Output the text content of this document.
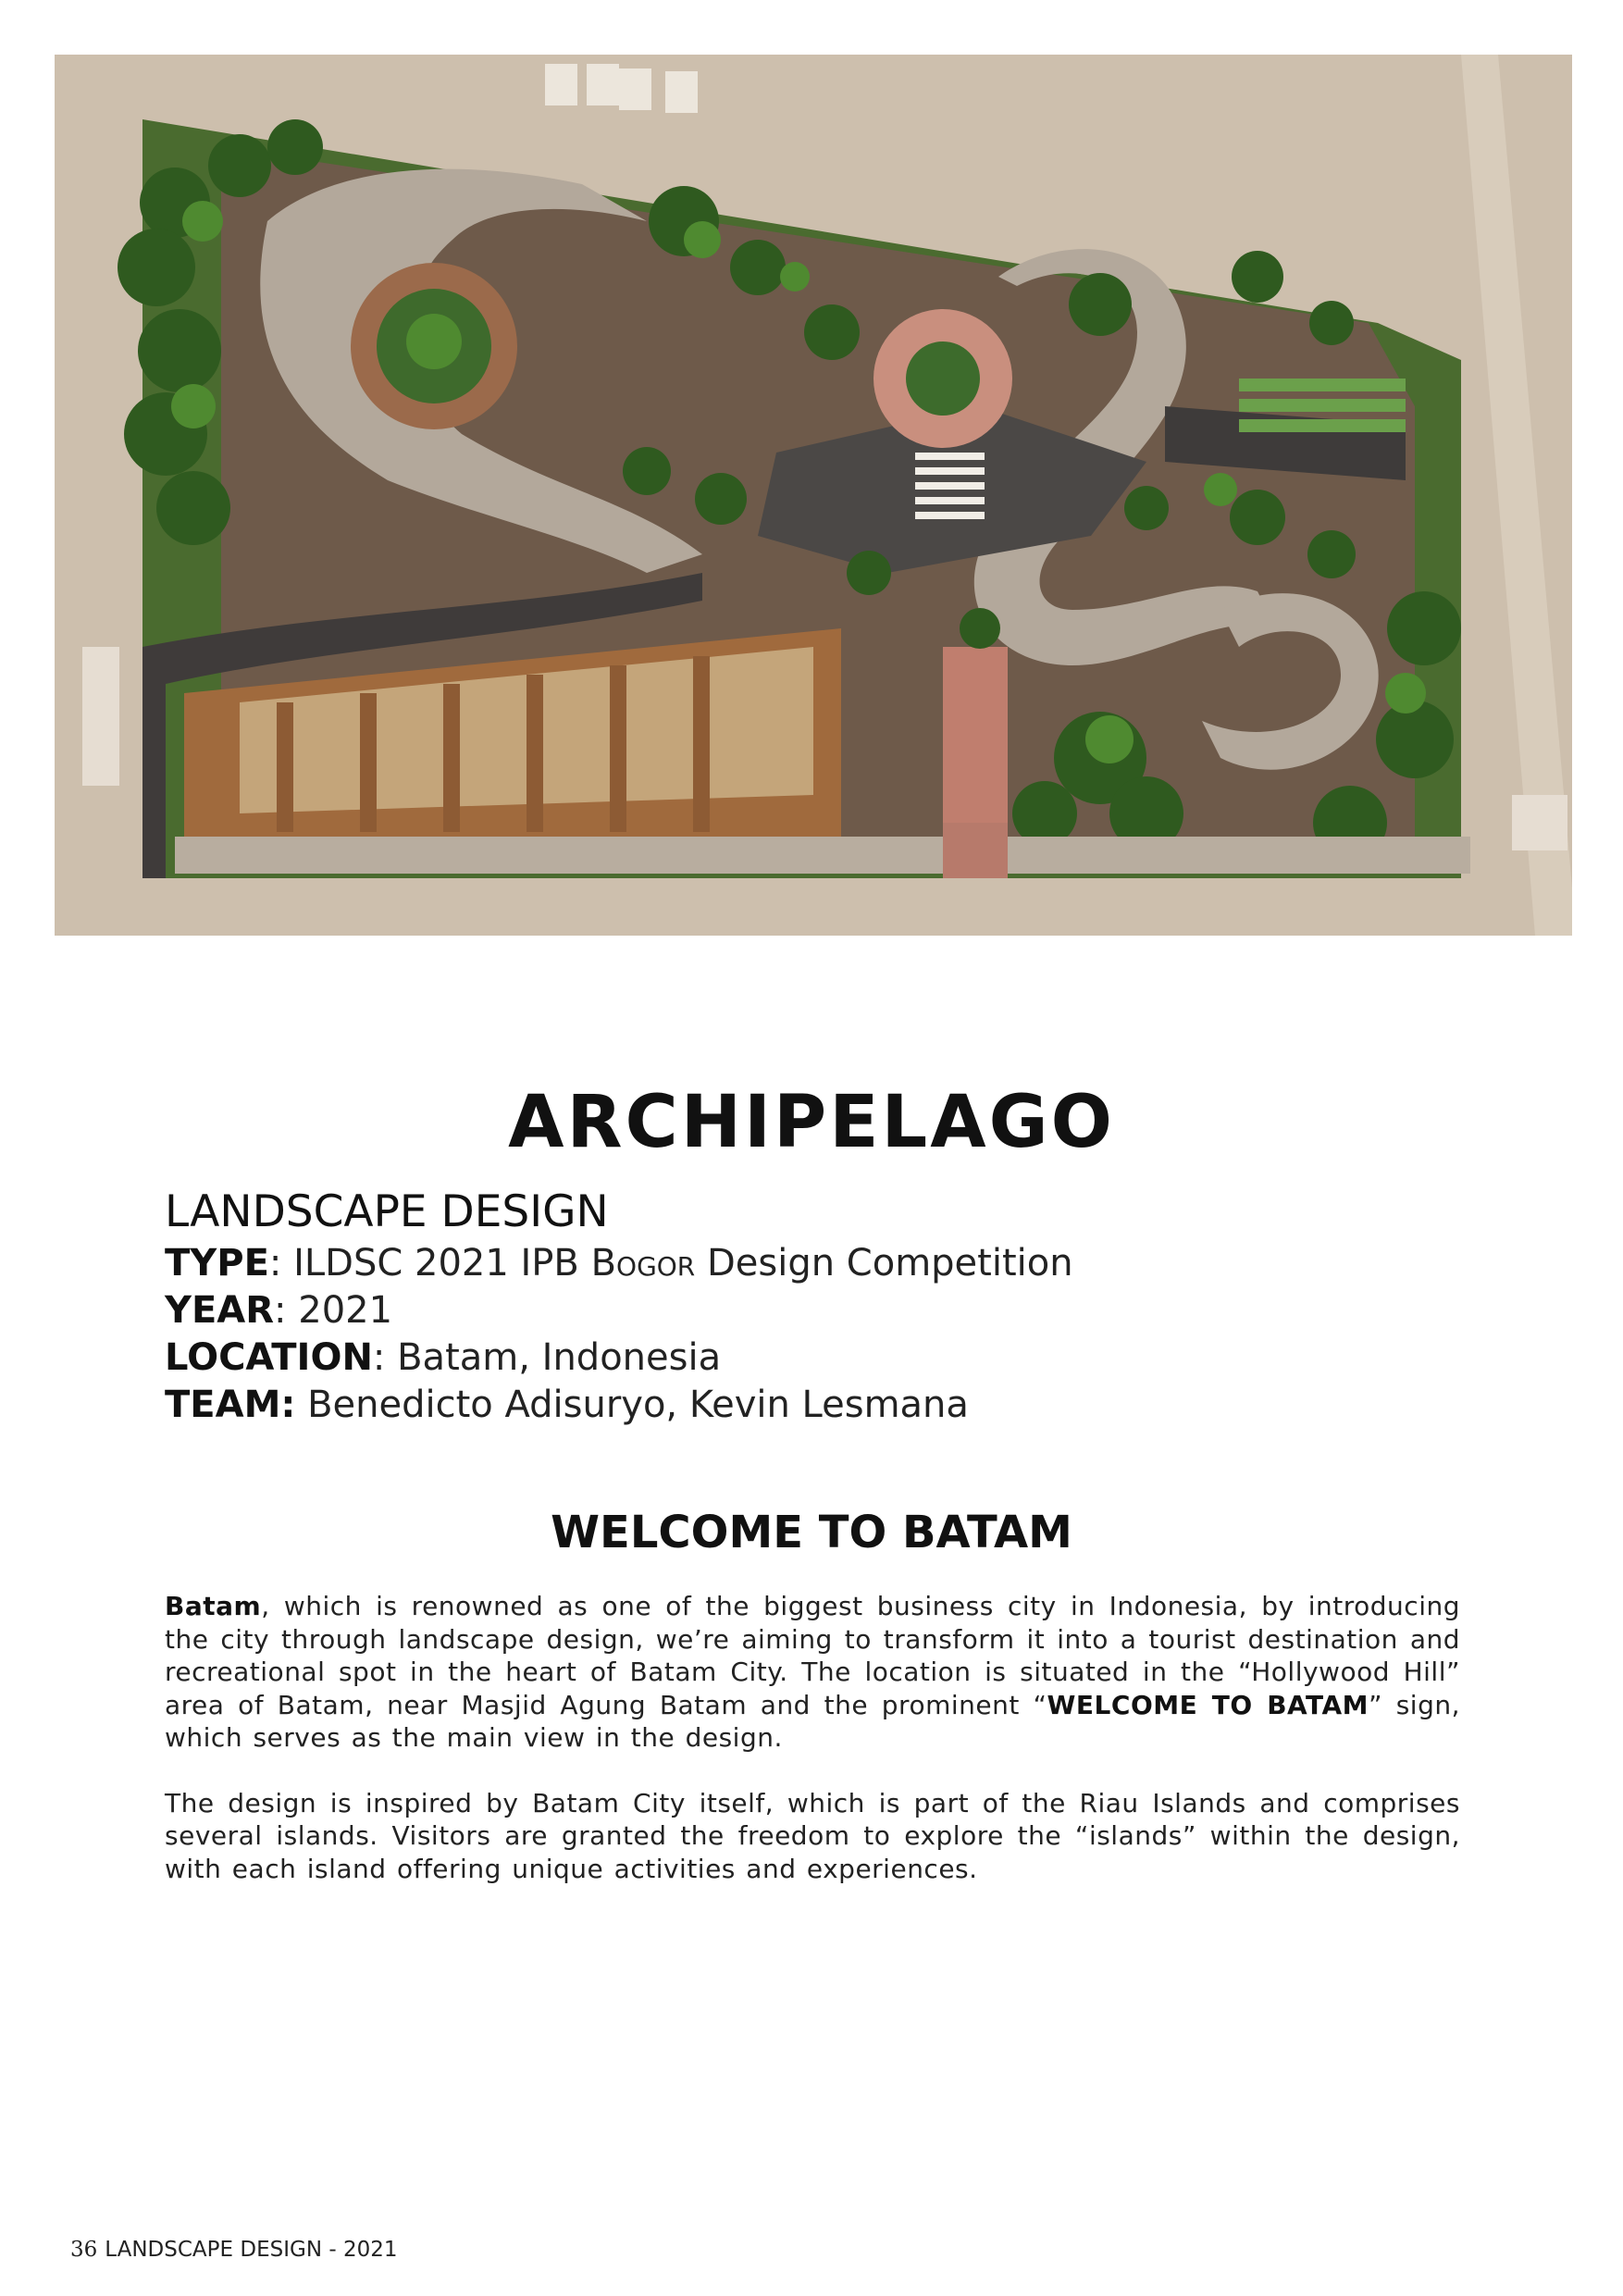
ARCHIPELAGO

LANDSCAPE DESIGN

TYPE: ILDSC 2021 IPB Bogor Design Competition

YEAR: 2021

LOCATION: Batam, Indonesia

TEAM: Benedicto Adisuryo, Kevin Lesmana

WELCOME TO BATAM

Batam, which is renowned as one of the biggest business city in Indonesia, by introducing the city through landscape design, we’re aiming to transform it into a tourist destination and recreational spot in the heart of Batam City. The location is situated in the “Hollywood Hill” area of Batam, near Masjid Agung Batam and the prominent “WELCOME TO BATAM” sign, which serves as the main view in the design.

The design is inspired by Batam City itself, which is part of the Riau Islands and comprises several islands. Visitors are granted the freedom to explore the “islands” within the design, with each island offering unique activities and experiences.

36 LANDSCAPE DESIGN - 2021
